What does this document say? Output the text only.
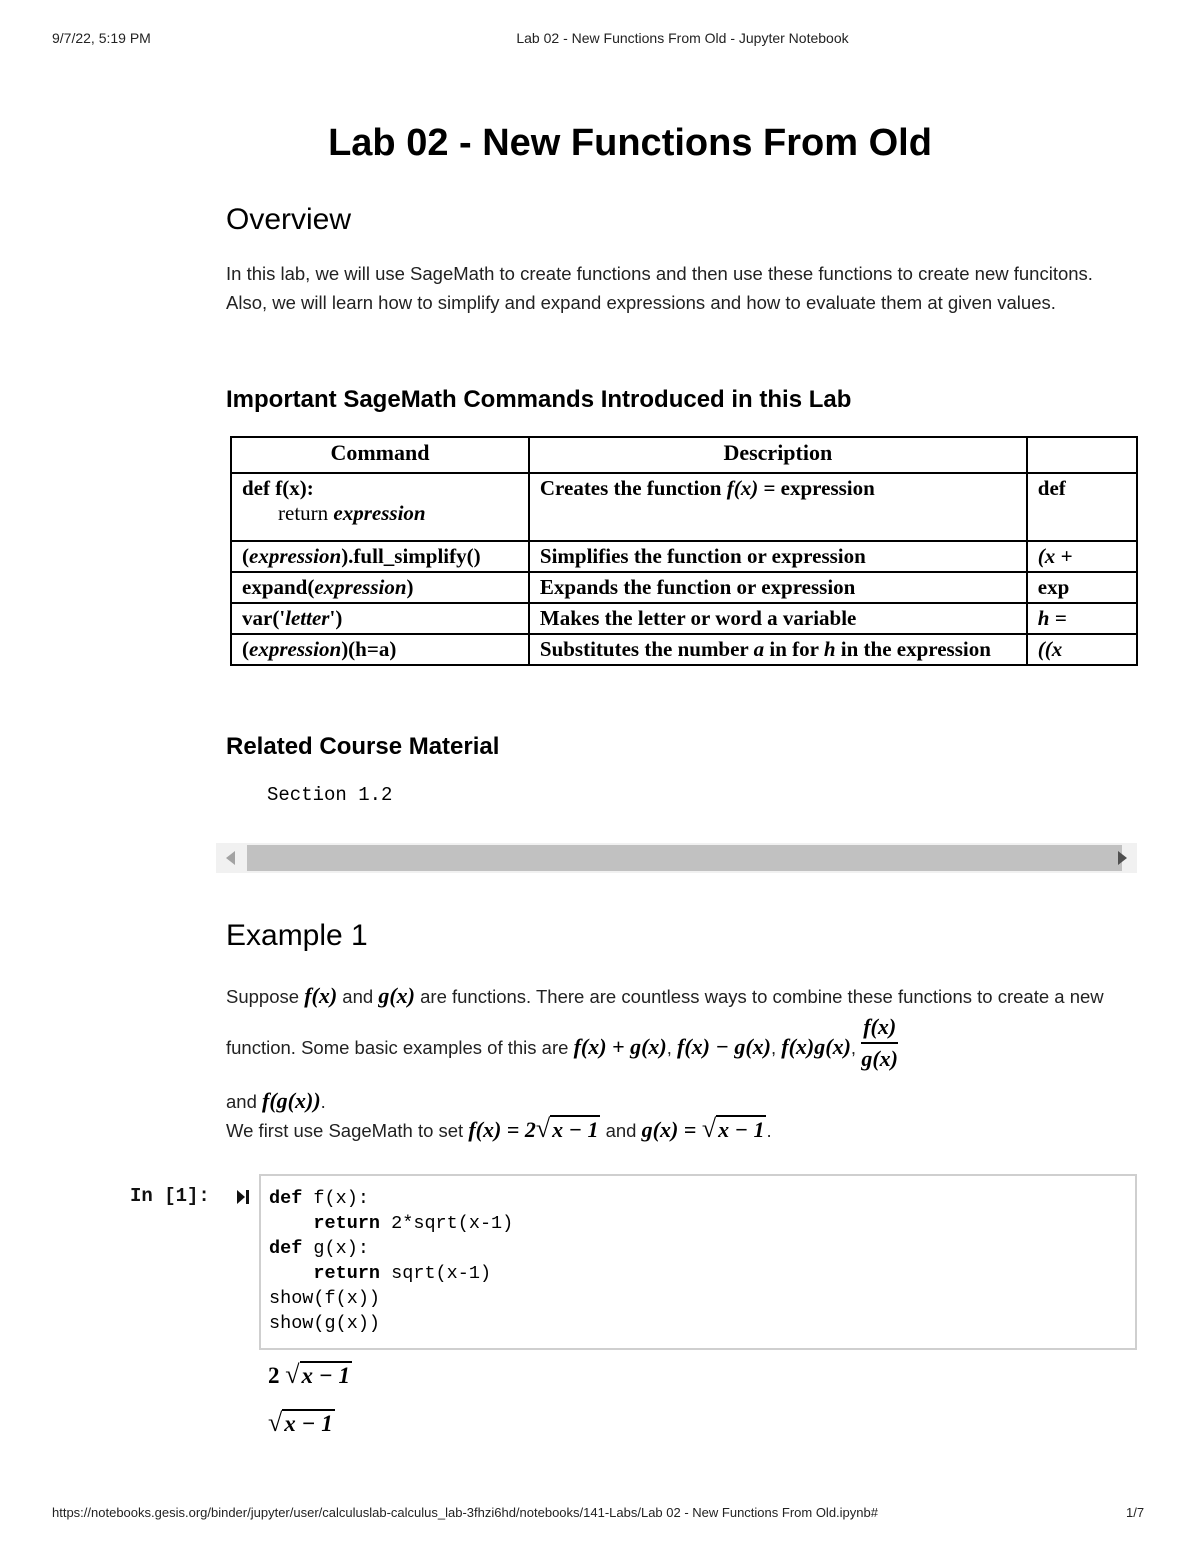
9/7/22, 5:19 PM	Lab 02 - New Functions From Old - Jupyter Notebook
Lab 02 - New Functions From Old
Overview
In this lab, we will use SageMath to create functions and then use these functions to create new funcitons. Also, we will learn how to simplify and expand expressions and how to evaluate them at given values.
Important SageMath Commands Introduced in this Lab
Command	Description	
def f(x):
return expression	Creates the function f(x) = expression	def
(expression).full_simplify()	Simplifies the function or expression	(x +
expand(expression)	Expands the function or expression	exp
var('letter')	Makes the letter or word a variable	h =
(expression)(h=a)	Substitutes the number a in for h in the expression	((x
Related Course Material
Section 1.2
Example 1
Suppose f(x) and g(x) are functions. There are countless ways to combine these functions to create a new function. Some basic examples of this are f(x) + g(x), f(x) − g(x), f(x)g(x), $\frac{f(x)}{g(x)}$

and f(g(x)).
We first use SageMath to set f(x) = 2√x − 1 and g(x) = √x − 1 .
In [1]:	def f(x):
return 2*sqrt(x-1)
def g(x):
return sqrt(x-1)
show(f(x))
show(g(x))
2 √x − 1
√x − 1
https://notebooks.gesis.org/binder/jupyter/user/calculuslab-calculus_lab-3fhzi6hd/notebooks/141-Labs/Lab 02 - New Functions From Old.ipynb#	1/7
